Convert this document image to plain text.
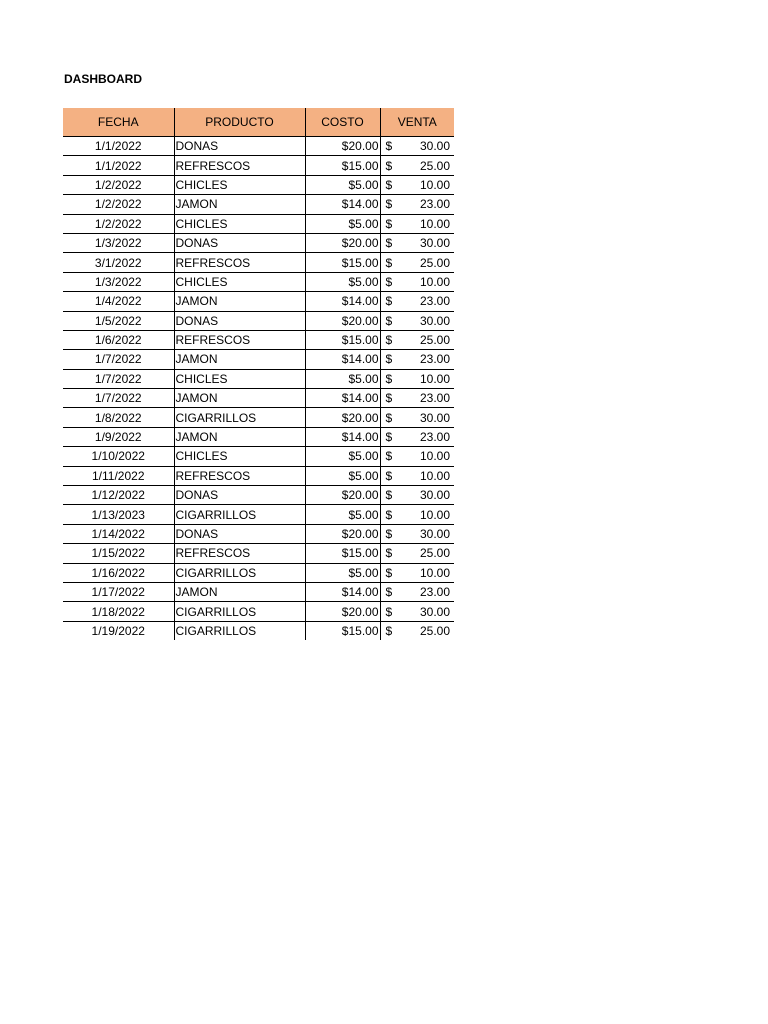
DASHBOARD
FECHA	PRODUCTO	COSTO	VENTA
1/1/2022	DONAS	$20.00	$ 30.00

1/1/2022	REFRESCOS	$15.00	$ 25.00

1/2/2022	CHICLES	$5.00	$ 10.00

1/2/2022	JAMON	$14.00	$ 23.00

1/2/2022	CHICLES	$5.00	$ 10.00

1/3/2022	DONAS	$20.00	$ 30.00

3/1/2022	REFRESCOS	$15.00	$ 25.00

1/3/2022	CHICLES	$5.00	$ 10.00

1/4/2022	JAMON	$14.00	$ 23.00

1/5/2022	DONAS	$20.00	$ 30.00

1/6/2022	REFRESCOS	$15.00	$ 25.00

1/7/2022	JAMON	$14.00	$ 23.00

1/7/2022	CHICLES	$5.00	$ 10.00

1/7/2022	JAMON	$14.00	$ 23.00

1/8/2022	CIGARRILLOS	$20.00	$ 30.00

1/9/2022	JAMON	$14.00	$ 23.00

1/10/2022	CHICLES	$5.00	$ 10.00

1/11/2022	REFRESCOS	$5.00	$ 10.00

1/12/2022	DONAS	$20.00	$ 30.00

1/13/2023	CIGARRILLOS	$5.00	$ 10.00

1/14/2022	DONAS	$20.00	$ 30.00

1/15/2022	REFRESCOS	$15.00	$ 25.00

1/16/2022	CIGARRILLOS	$5.00	$ 10.00

1/17/2022	JAMON	$14.00	$ 23.00

1/18/2022	CIGARRILLOS	$20.00	$ 30.00

1/19/2022	CIGARRILLOS	$15.00	$ 25.00
